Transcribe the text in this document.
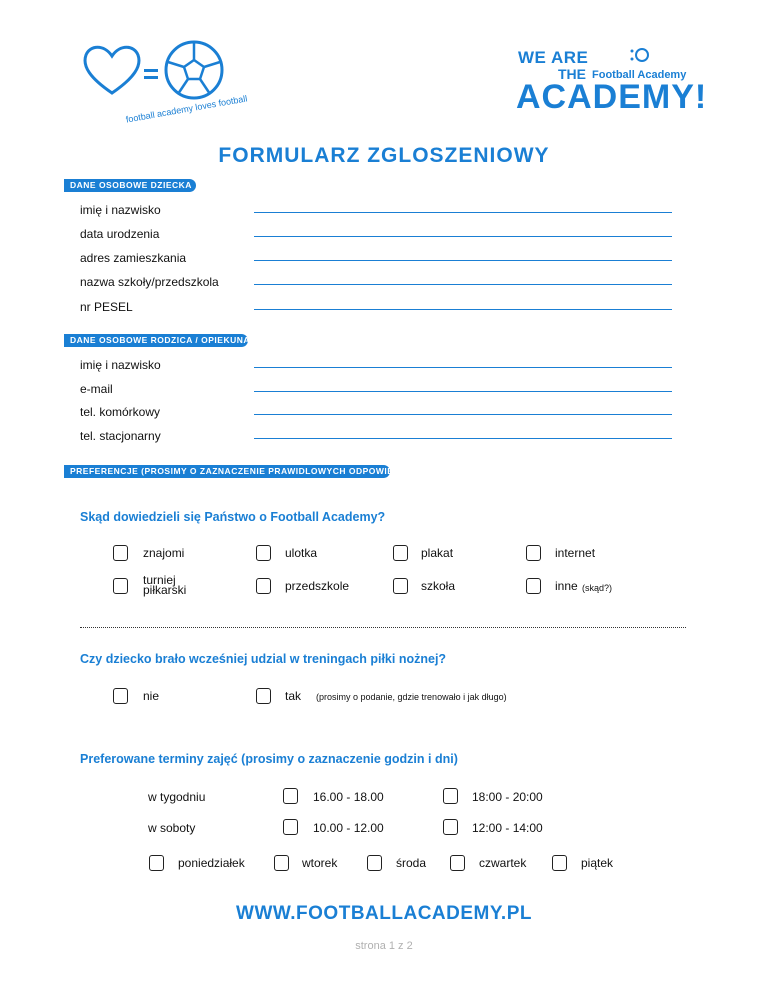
football academy loves football
WE ARE
THE Football Academy
ACADEMY!
FORMULARZ ZGLOSZENIOWY
DANE OSOBOWE DZIECKA
imię i nazwisko
data urodzenia
adres zamieszkania
nazwa szkoły/przedszkola
nr PESEL
DANE OSOBOWE RODZICA / OPIEKUNA
imię i nazwisko
e-mail
tel. komórkowy
tel. stacjonarny
PREFERENCJE (PROSIMY O ZAZNACZENIE PRAWIDLOWYCH ODPOWIEDZI)
Skąd dowiedzieli się Państwo o Football Academy?
znajomi	ulotka	plakat	internet
turniej
piłkarski	przedszkole	szkoła	inne (skąd?)
Czy dziecko brało wcześniej udzial w treningach piłki nożnej?
nie	tak (prosimy o podanie, gdzie trenowało i jak długo)
Preferowane terminy zajęć (prosimy o zaznaczenie godzin i dni)
w tygodniu	16.00 - 18.00	18:00 - 20:00
w soboty	10.00 - 12.00	12:00 - 14:00
poniedziałek	wtorek	środa	czwartek	piątek
WWW.FOOTBALLACADEMY.PL
strona 1 z 2
